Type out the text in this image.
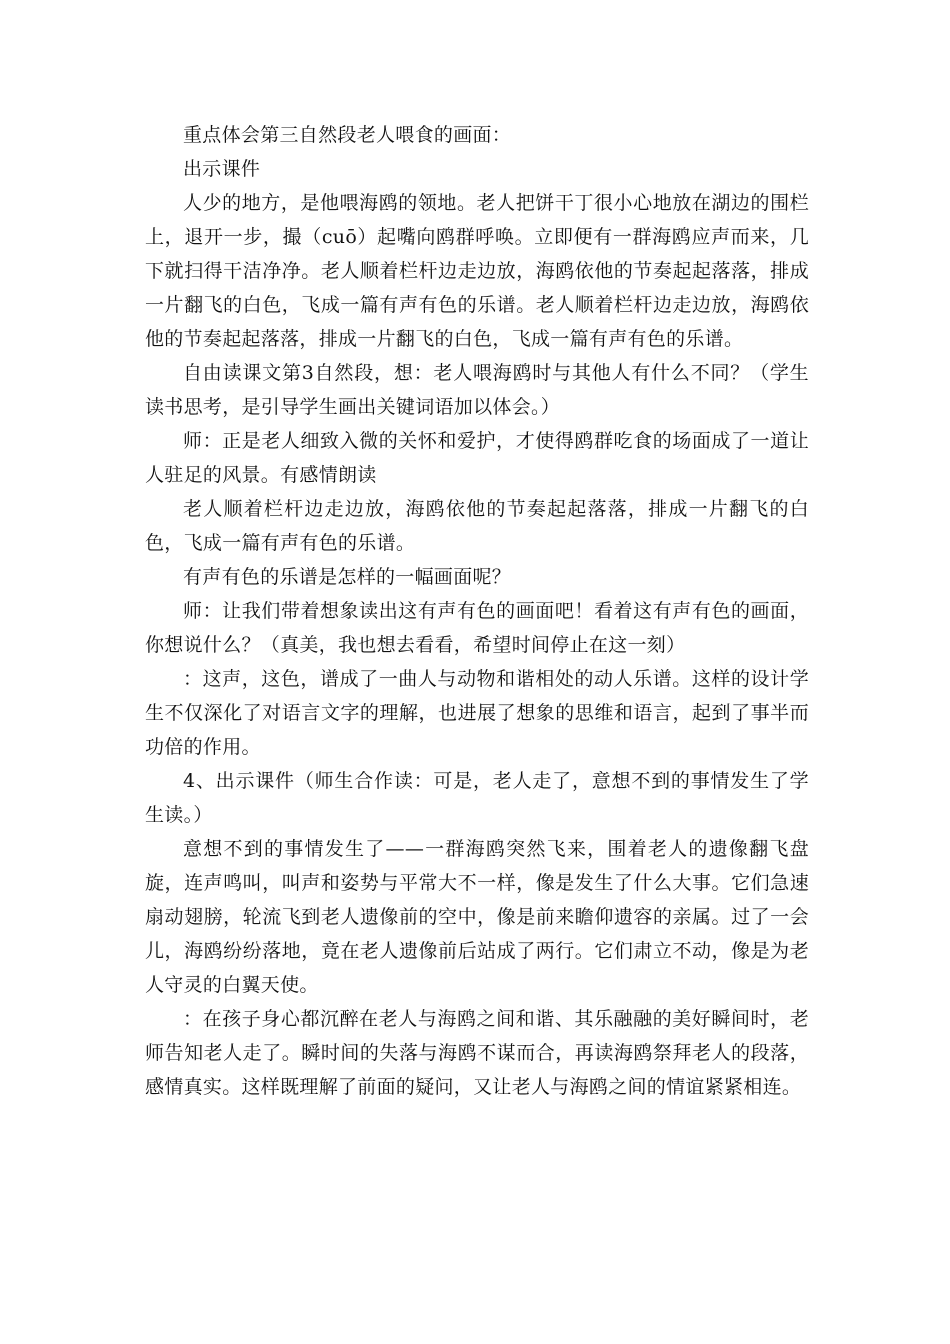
重点体会第三自然段老人喂食的画面：

出示课件

人少的地方，是他喂海鸥的领地。老人把饼干丁很小心地放在湖边的围栏上，退开一步，撮（cuō）起嘴向鸥群呼唤。立即便有一群海鸥应声而来，几下就扫得干洁净净。老人顺着栏杆边走边放，海鸥依他的节奏起起落落，排成一片翻飞的白色，飞成一篇有声有色的乐谱。老人顺着栏杆边走边放，海鸥依他的节奏起起落落，排成一片翻飞的白色，飞成一篇有声有色的乐谱。

自由读课文第3自然段，想：老人喂海鸥时与其他人有什么不同？（学生读书思考，是引导学生画出关键词语加以体会。）

师：正是老人细致入微的关怀和爱护，才使得鸥群吃食的场面成了一道让人驻足的风景。有感情朗读

老人顺着栏杆边走边放，海鸥依他的节奏起起落落，排成一片翻飞的白色，飞成一篇有声有色的乐谱。

有声有色的乐谱是怎样的一幅画面呢？

师：让我们带着想象读出这有声有色的画面吧！看着这有声有色的画面，你想说什么？（真美，我也想去看看，希望时间停止在这一刻）

：这声，这色，谱成了一曲人与动物和谐相处的动人乐谱。这样的设计学生不仅深化了对语言文字的理解，也进展了想象的思维和语言，起到了事半而功倍的作用。

4、出示课件（师生合作读：可是，老人走了，意想不到的事情发生了学生读。）

意想不到的事情发生了——一群海鸥突然飞来，围着老人的遗像翻飞盘旋，连声鸣叫，叫声和姿势与平常大不一样，像是发生了什么大事。它们急速扇动翅膀，轮流飞到老人遗像前的空中，像是前来瞻仰遗容的亲属。过了一会儿，海鸥纷纷落地，竟在老人遗像前后站成了两行。它们肃立不动，像是为老人守灵的白翼天使。

：在孩子身心都沉醉在老人与海鸥之间和谐、其乐融融的美好瞬间时，老师告知老人走了。瞬时间的失落与海鸥不谋而合，再读海鸥祭拜老人的段落，感情真实。这样既理解了前面的疑问，又让老人与海鸥之间的情谊紧紧相连。
